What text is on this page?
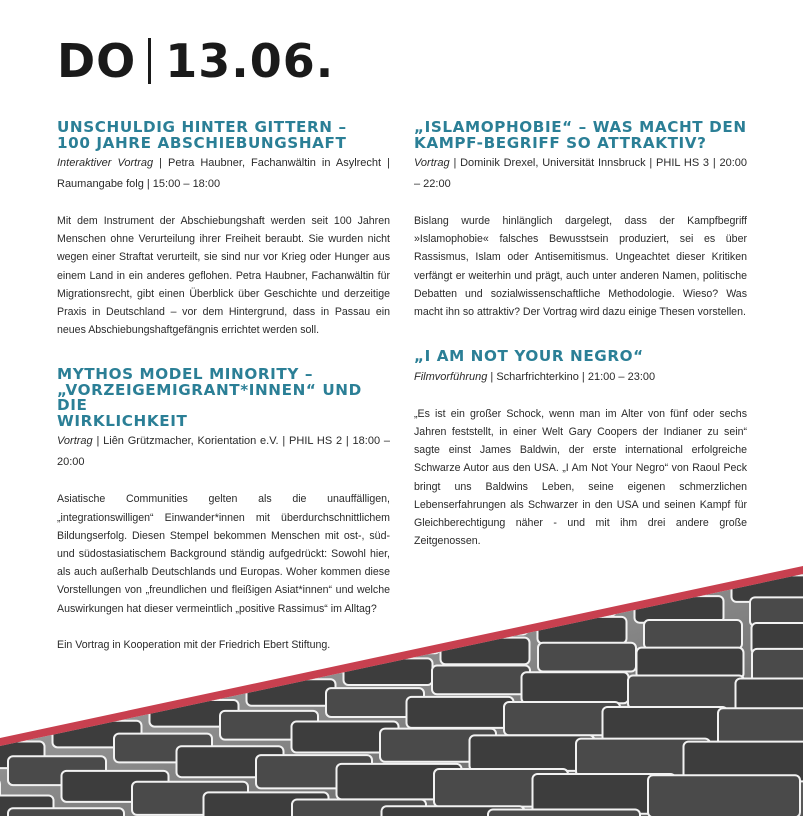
DO 13.06.
UNSCHULDIG HINTER GITTERN –
100 JAHRE ABSCHIEBUNGSHAFT
Interaktiver Vortrag | Petra Haubner, Fachanwältin in Asylrecht | Raumangabe folg | 15:00 – 18:00

Mit dem Instrument der Abschiebungshaft werden seit 100 Jahren Menschen ohne Verurteilung ihrer Freiheit beraubt. Sie wurden nicht wegen einer Straftat verurteilt, sie sind nur vor Krieg oder Hunger aus einem Land in ein anderes geflohen. Petra Haubner, Fachanwältin für Migrationsrecht, gibt einen Überblick über Geschichte und derzeitige Praxis in Deutschland – vor dem Hintergrund, dass in Passau ein neues Abschiebungshaftgefängnis errichtet werden soll.

MYTHOS MODEL MINORITY –
„VORZEIGEMIGRANT*INNEN“ UND DIE
WIRKLICHKEIT
Vortrag | Liên Grützmacher, Korientation e.V. | PHIL HS 2 | 18:00 – 20:00

Asiatische Communities gelten als die unauffälligen, „integrationswilligen“ Einwander*innen mit überdurchschnittlichem Bildungserfolg. Diesen Stempel bekommen Menschen mit ost-, süd- und südostasiatischem Background ständig aufgedrückt: Sowohl hier, als auch außerhalb Deutschlands und Europas. Woher kommen diese Vorstellungen von „freundlichen und fleißigen Asiat*innen“ und welche Auswirkungen hat dieser vermeintlich „positive Rassimus“ im Alltag?

Ein Vortrag in Kooperation mit der Friedrich Ebert Stiftung.

„ISLAMOPHOBIE“ – WAS MACHT DEN
KAMPF-BEGRIFF SO ATTRAKTIV?
Vortrag | Dominik Drexel, Universität Innsbruck | PHIL HS 3 | 20:00 – 22:00

Bislang wurde hinlänglich dargelegt, dass der Kampfbegriff »Islamophobie« falsches Bewusstsein produziert, sei es über Rassismus, Islam oder Antisemitismus. Ungeachtet dieser Kritiken verfängt er weiterhin und prägt, auch unter anderen Namen, politische Debatten und sozialwissenschaftliche Methodologie. Wieso? Was macht ihn so attraktiv? Der Vortrag wird dazu einige Thesen vorstellen.

„I AM NOT YOUR NEGRO“
Filmvorführung | Scharfrichterkino | 21:00 – 23:00

„Es ist ein großer Schock, wenn man im Alter von fünf oder sechs Jahren feststellt, in einer Welt Gary Coopers der Indianer zu sein“ sagte einst James Baldwin, der erste international erfolgreiche Schwarze Autor aus den USA. „I Am Not Your Negro“ von Raoul Peck bringt uns Baldwins Leben, seine eigenen schmerzlichen Lebenserfahrungen als Schwarzer in den USA und seinen Kampf für Gleichberechtigung näher - und mit ihm drei andere große Zeitgenossen.
